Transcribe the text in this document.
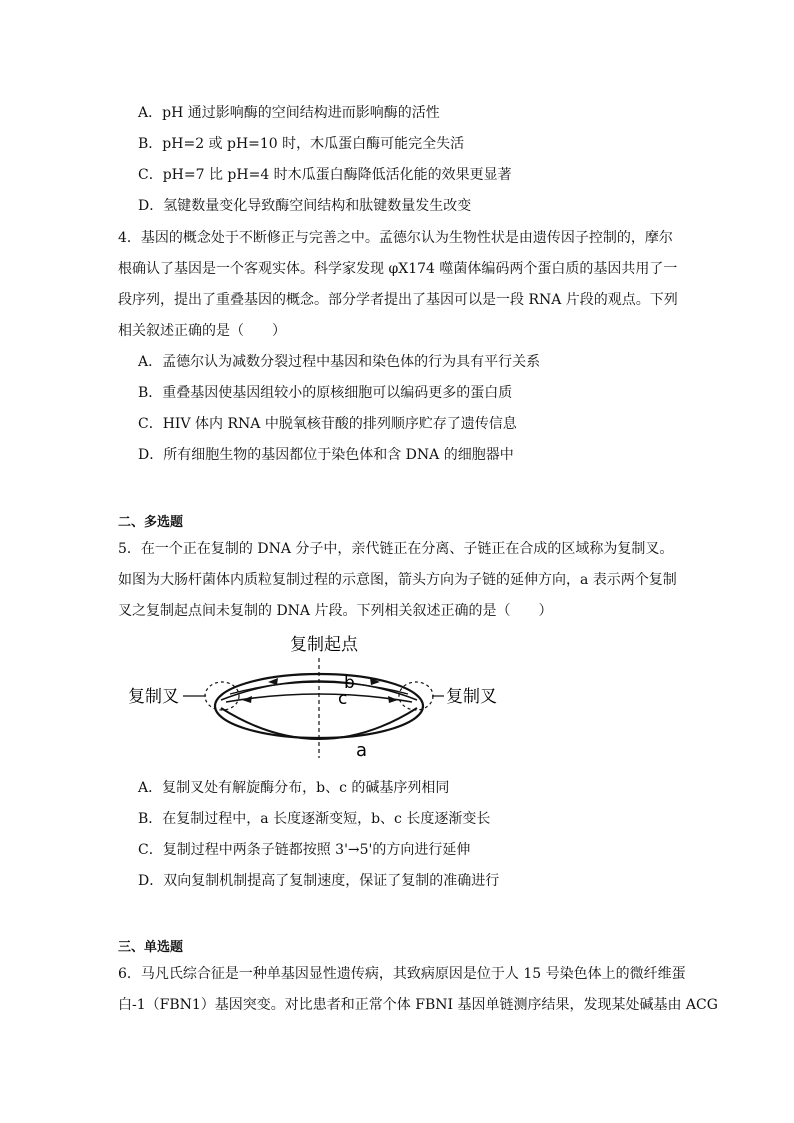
A．pH 通过影响酶的空间结构进而影响酶的活性
B．pH=2 或 pH=10 时，木瓜蛋白酶可能完全失活
C．pH=7 比 pH=4 时木瓜蛋白酶降低活化能的效果更显著
D．氢键数量变化导致酶空间结构和肽键数量发生改变
4．基因的概念处于不断修正与完善之中。孟德尔认为生物性状是由遗传因子控制的，摩尔
根确认了基因是一个客观实体。科学家发现 φX174 噬菌体编码两个蛋白质的基因共用了一
段序列，提出了重叠基因的概念。部分学者提出了基因可以是一段 RNA 片段的观点。下列
相关叙述正确的是（　　）
A．孟德尔认为减数分裂过程中基因和染色体的行为具有平行关系
B．重叠基因使基因组较小的原核细胞可以编码更多的蛋白质
C．HIV 体内 RNA 中脱氧核苷酸的排列顺序贮存了遗传信息
D．所有细胞生物的基因都位于染色体和含 DNA 的细胞器中
二、多选题
5．在一个正在复制的 DNA 分子中，亲代链正在分离、子链正在合成的区域称为复制叉。
如图为大肠杆菌体内质粒复制过程的示意图，箭头方向为子链的延伸方向，a 表示两个复制
叉之复制起点间未复制的 DNA 片段。下列相关叙述正确的是（　　）
复制起点
复制叉	复制叉
b
c
a
A．复制叉处有解旋酶分布，b、c 的碱基序列相同
B．在复制过程中，a 长度逐渐变短，b、c 长度逐渐变长
C．复制过程中两条子链都按照 3'→5'的方向进行延伸
D．双向复制机制提高了复制速度，保证了复制的准确进行
三、单选题
6．马凡氏综合征是一种单基因显性遗传病，其致病原因是位于人 15 号染色体上的微纤维蛋
白-1（FBN1）基因突变。对比患者和正常个体 FBNI 基因单链测序结果，发现某处碱基由 ACG
